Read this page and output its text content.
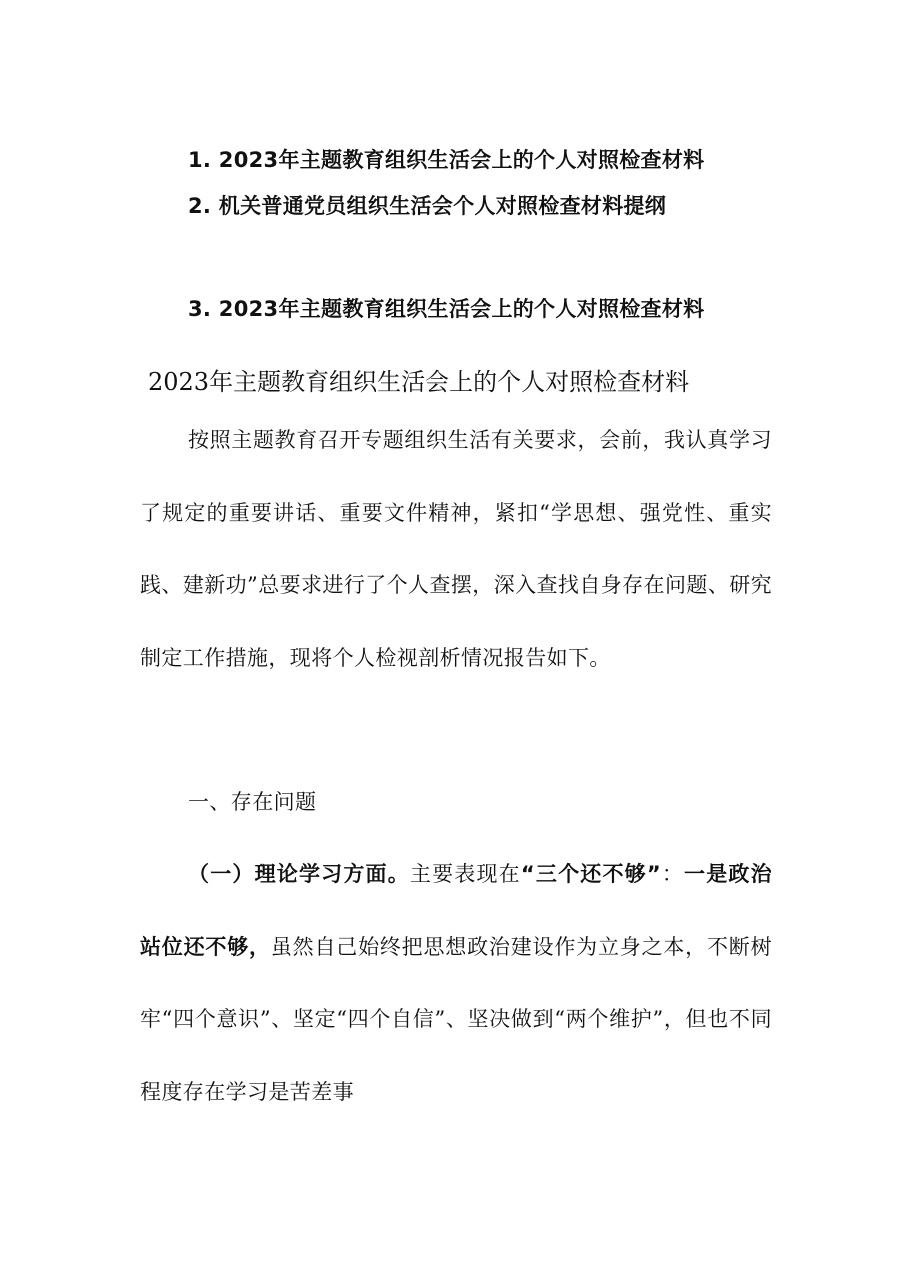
1. 2023年主题教育组织生活会上的个人对照检查材料
2. 机关普通党员组织生活会个人对照检查材料提纲
3. 2023年主题教育组织生活会上的个人对照检查材料
2023年主题教育组织生活会上的个人对照检查材料

按照主题教育召开专题组织生活有关要求，会前，我认真学习了规定的重要讲话、重要文件精神，紧扣“学思想、强党性、重实践、建新功”总要求进行了个人查摆，深入查找自身存在问题、研究制定工作措施，现将个人检视剖析情况报告如下。

一、存在问题

（一）理论学习方面。主要表现在“三个还不够”：一是政治站位还不够，虽然自己始终把思想政治建设作为立身之本，不断树牢“四个意识”、坚定“四个自信”、坚决做到“两个维护”，但也不同程度存在学习是苦差事
